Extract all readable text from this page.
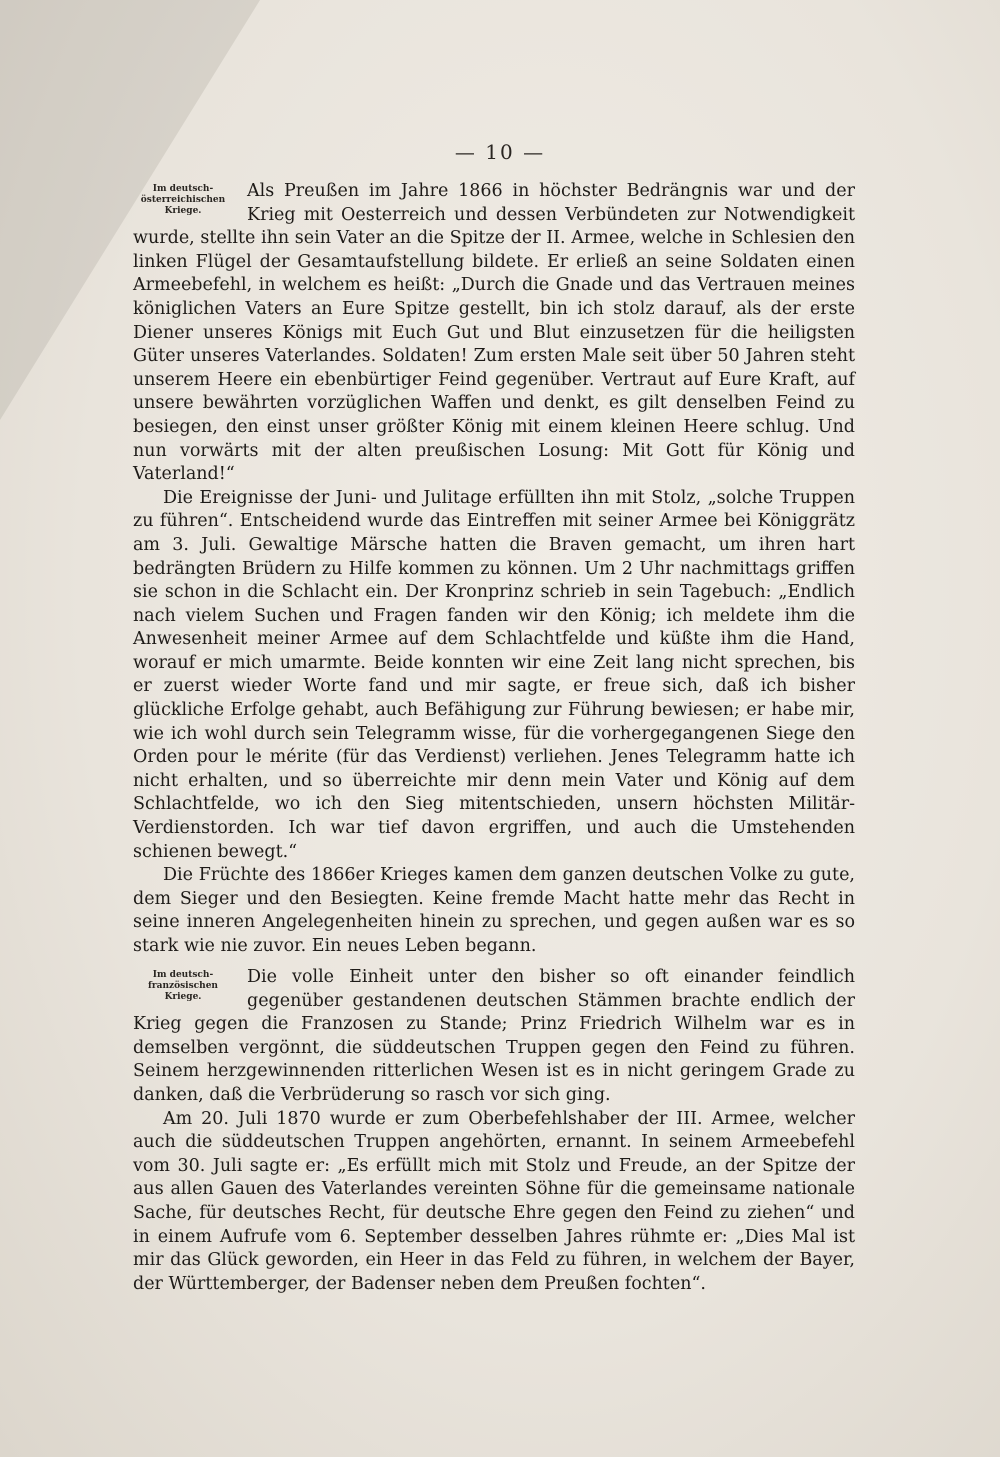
— 10 —
Im deutsch-
österreichischen
Kriege.

Als Preußen im Jahre 1866 in höchster Bedrängnis war und der Krieg mit Oesterreich und dessen Verbündeten zur Notwendigkeit wurde, stellte ihn sein Vater an die Spitze der II. Armee, welche in Schlesien den linken Flügel der Gesamtaufstellung bildete. Er erließ an seine Soldaten einen Armeebefehl, in welchem es heißt: „Durch die Gnade und das Vertrauen meines königlichen Vaters an Eure Spitze gestellt, bin ich stolz darauf, als der erste Diener unseres Königs mit Euch Gut und Blut einzusetzen für die heiligsten Güter unseres Vaterlandes. Soldaten! Zum ersten Male seit über 50 Jahren steht unserem Heere ein ebenbürtiger Feind gegenüber. Vertraut auf Eure Kraft, auf unsere bewährten vorzüglichen Waffen und denkt, es gilt denselben Feind zu besiegen, den einst unser größter König mit einem kleinen Heere schlug. Und nun vorwärts mit der alten preußischen Losung: Mit Gott für König und Vaterland!“

Die Ereignisse der Juni- und Julitage erfüllten ihn mit Stolz, „solche Truppen zu führen“. Entscheidend wurde das Eintreffen mit seiner Armee bei Königgrätz am 3. Juli. Gewaltige Märsche hatten die Braven gemacht, um ihren hart bedrängten Brüdern zu Hilfe kommen zu können. Um 2 Uhr nachmittags griffen sie schon in die Schlacht ein. Der Kronprinz schrieb in sein Tagebuch: „Endlich nach vielem Suchen und Fragen fanden wir den König; ich meldete ihm die Anwesenheit meiner Armee auf dem Schlachtfelde und küßte ihm die Hand, worauf er mich umarmte. Beide konnten wir eine Zeit lang nicht sprechen, bis er zuerst wieder Worte fand und mir sagte, er freue sich, daß ich bisher glückliche Erfolge gehabt, auch Befähigung zur Führung bewiesen; er habe mir, wie ich wohl durch sein Telegramm wisse, für die vorhergegangenen Siege den Orden pour le mérite (für das Verdienst) verliehen. Jenes Telegramm hatte ich nicht erhalten, und so überreichte mir denn mein Vater und König auf dem Schlachtfelde, wo ich den Sieg mitentschieden, unsern höchsten Militär-Verdienstorden. Ich war tief davon ergriffen, und auch die Umstehenden schienen bewegt.“

Die Früchte des 1866er Krieges kamen dem ganzen deutschen Volke zu gute, dem Sieger und den Besiegten. Keine fremde Macht hatte mehr das Recht in seine inneren Angelegenheiten hinein zu sprechen, und gegen außen war es so stark wie nie zuvor. Ein neues Leben begann.

Im deutsch-
französischen
Kriege.

Die volle Einheit unter den bisher so oft einander feindlich gegenüber gestandenen deutschen Stämmen brachte endlich der Krieg gegen die Franzosen zu Stande; Prinz Friedrich Wilhelm war es in demselben vergönnt, die süddeutschen Truppen gegen den Feind zu führen. Seinem herzgewinnenden ritterlichen Wesen ist es in nicht geringem Grade zu danken, daß die Verbrüderung so rasch vor sich ging.

Am 20. Juli 1870 wurde er zum Oberbefehlshaber der III. Armee, welcher auch die süddeutschen Truppen angehörten, ernannt. In seinem Armeebefehl vom 30. Juli sagte er: „Es erfüllt mich mit Stolz und Freude, an der Spitze der aus allen Gauen des Vaterlandes vereinten Söhne für die gemeinsame nationale Sache, für deutsches Recht, für deutsche Ehre gegen den Feind zu ziehen“ und in einem Aufrufe vom 6. September desselben Jahres rühmte er: „Dies Mal ist mir das Glück geworden, ein Heer in das Feld zu führen, in welchem der Bayer, der Württemberger, der Badenser neben dem Preußen fochten“.
